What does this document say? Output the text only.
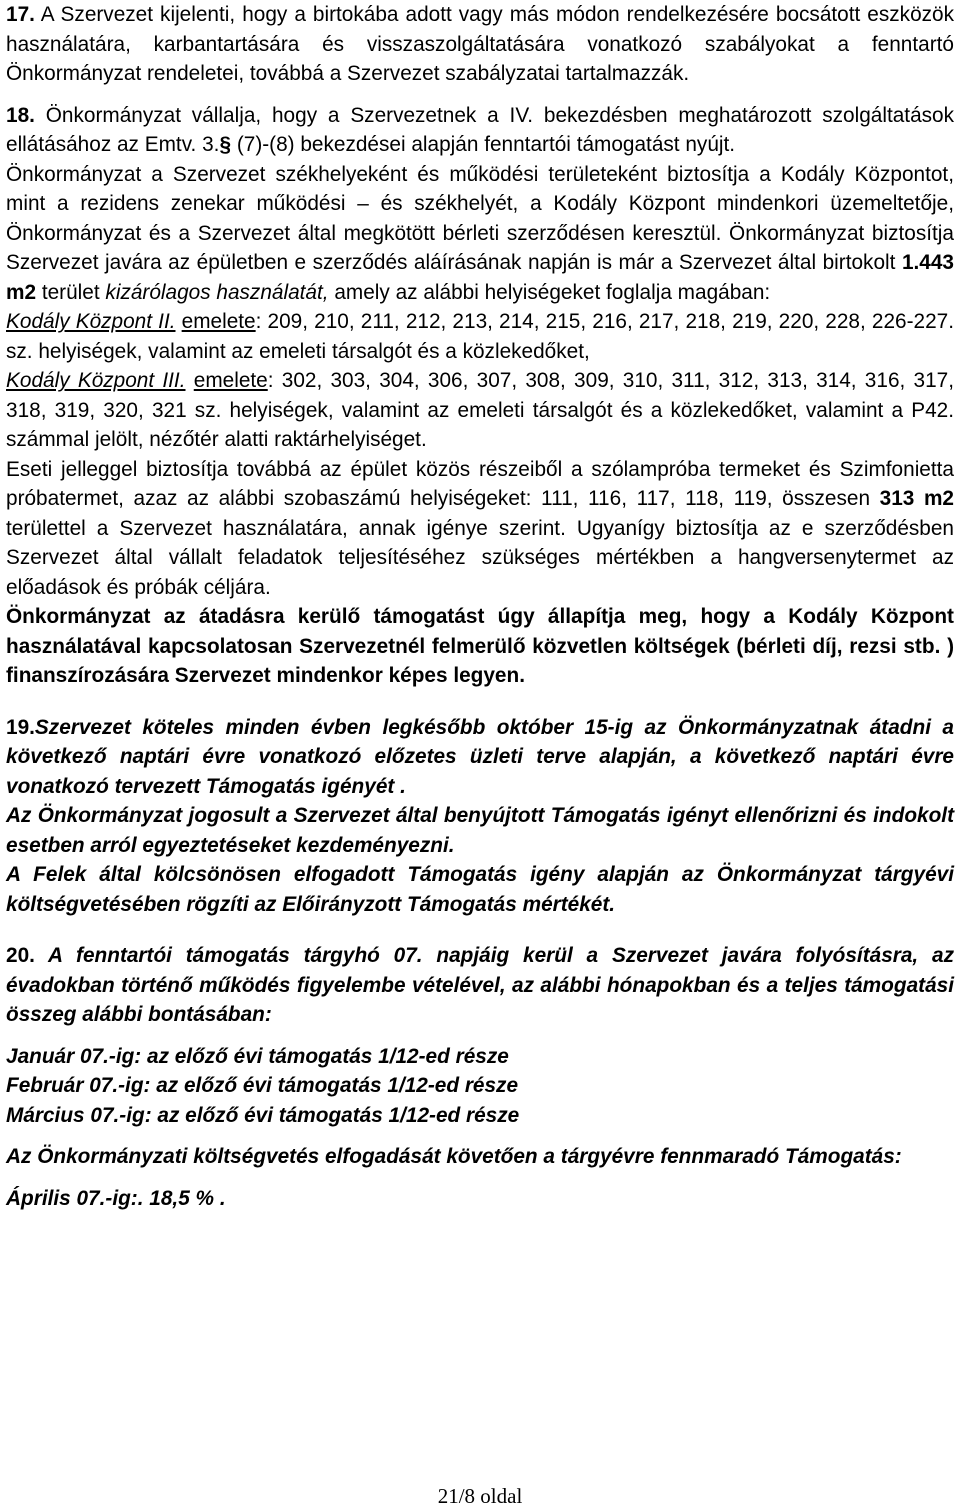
17. A Szervezet kijelenti, hogy a birtokába adott vagy más módon rendelkezésére bocsátott eszközök használatára, karbantartására és visszaszolgáltatására vonatkozó szabályokat a fenntartó Önkormányzat rendeletei, továbbá a Szervezet szabályzatai tartalmazzák.

18. Önkormányzat vállalja, hogy a Szervezetnek a IV. bekezdésben meghatározott szolgáltatások ellátásához az Emtv. 3.§ (7)-(8) bekezdései alapján fenntartói támogatást nyújt.

Önkormányzat a Szervezet székhelyeként és működési területeként biztosítja a Kodály Központot, mint a rezidens zenekar működési – és székhelyét, a Kodály Központ mindenkori üzemeltetője, Önkormányzat és a Szervezet által megkötött bérleti szerződésen keresztül. Önkormányzat biztosítja Szervezet javára az épületben e szerződés aláírásának napján is már a Szervezet által birtokolt 1.443 m2 terület kizárólagos használatát, amely az alábbi helyiségeket foglalja magában:

Kodály Központ II. emelete: 209, 210, 211, 212, 213, 214, 215, 216, 217, 218, 219, 220, 228, 226-227. sz. helyiségek, valamint az emeleti társalgót és a közlekedőket,

Kodály Központ III. emelete: 302, 303, 304, 306, 307, 308, 309, 310, 311, 312, 313, 314, 316, 317, 318, 319, 320, 321 sz. helyiségek, valamint az emeleti társalgót és a közlekedőket, valamint a P42. számmal jelölt, nézőtér alatti raktárhelyiséget.

Eseti jelleggel biztosítja továbbá az épület közös részeiből a szólampróba termeket és Szimfonietta próbatermet, azaz az alábbi szobaszámú helyiségeket: 111, 116, 117, 118, 119, összesen 313 m2 területtel a Szervezet használatára, annak igénye szerint. Ugyanígy biztosítja az e szerződésben Szervezet által vállalt feladatok teljesítéséhez szükséges mértékben a hangversenytermet az előadások és próbák céljára.

Önkormányzat az átadásra kerülő támogatást úgy állapítja meg, hogy a Kodály Központ használatával kapcsolatosan Szervezetnél felmerülő közvetlen költségek (bérleti díj, rezsi stb. ) finanszírozására Szervezet mindenkor képes legyen.

19.Szervezet köteles minden évben legkésőbb október 15-ig az Önkormányzatnak átadni a következő naptári évre vonatkozó előzetes üzleti terve alapján, a következő naptári évre vonatkozó tervezett Támogatás igényét .

Az Önkormányzat jogosult a Szervezet által benyújtott Támogatás igényt ellenőrizni és indokolt esetben arról egyeztetéseket kezdeményezni.

A Felek által kölcsönösen elfogadott Támogatás igény alapján az Önkormányzat tárgyévi költségvetésében rögzíti az Előirányzott Támogatás mértékét.

20. A fenntartói támogatás tárgyhó 07. napjáig kerül a Szervezet javára folyósításra, az évadokban történő működés figyelembe vételével, az alábbi hónapokban és a teljes támogatási összeg alábbi bontásában:

Január 07.-ig: az előző évi támogatás 1/12-ed része

Február 07.-ig: az előző évi támogatás 1/12-ed része

Március 07.-ig: az előző évi támogatás 1/12-ed része

Az Önkormányzati költségvetés elfogadását követően a tárgyévre fennmaradó Támogatás:

Április 07.-ig:. 18,5 % .

21/8 oldal
